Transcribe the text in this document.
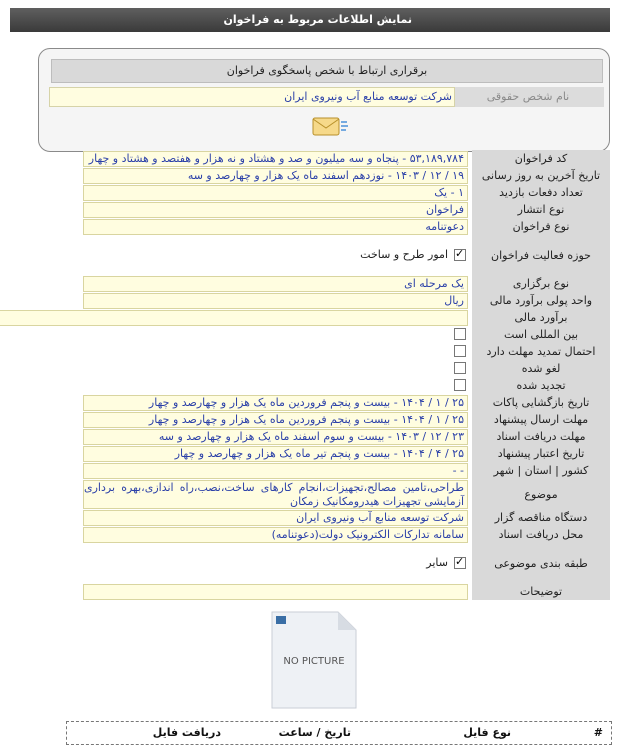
نمایش اطلاعات مربوط به فراخوان
برقراری ارتباط با شخص پاسخگوی فراخوان
نام شخص حقوقی
شرکت توسعه منابع آب ونیروی ایران
کد فراخوان
۵۳,۱۸۹,۷۸۴ - پنجاه و سه میلیون و صد و هشتاد و نه هزار و هفتصد و هشتاد و چهار
تاریخ آخرین به روز رسانی
۱۹ / ۱۲ / ۱۴۰۳ - نوزدهم اسفند ماه یک هزار و چهارصد و سه
تعداد دفعات بازدید
۱ - یک
نوع انتشار
فراخوان
نوع فراخوان
دعوتنامه
حوزه فعالیت فراخوان
✓
امور طرح و ساخت
نوع برگزاری
یک مرحله ای
واحد پولی برآورد مالی
ریال
برآورد مالی
بین المللی است
احتمال تمدید مهلت دارد
لغو شده
تجدید شده
تاریخ بازگشایی پاکات
۲۵ / ۱ / ۱۴۰۴ - بیست و پنجم فروردین ماه یک هزار و چهارصد و چهار
مهلت ارسال پیشنهاد
۲۵ / ۱ / ۱۴۰۴ - بیست و پنجم فروردین ماه یک هزار و چهارصد و چهار
مهلت دریافت اسناد
۲۳ / ۱۲ / ۱۴۰۳ - بیست و سوم اسفند ماه یک هزار و چهارصد و سه
تاریخ اعتبار پیشنهاد
۲۵ / ۴ / ۱۴۰۴ - بیست و پنجم تیر ماه یک هزار و چهارصد و چهار
کشور | استان | شهر
- -
موضوع
طراحی،تامین مصالح،تجهیزات،انجام کارهای ساخت،نصب،راه اندازی،بهره برداری آزمایشی تجهیزات هیدرومکانیک زمکان
دستگاه مناقصه گزار
شرکت توسعه منابع آب ونیروی ایران
محل دریافت اسناد
سامانه تدارکات الکترونیک دولت(دعوتنامه)
طبقه بندی موضوعی
✓
سایر
توضیحات
NO PICTURE
#
نوع فایل
تاریخ / ساعت
دریافت فایل
